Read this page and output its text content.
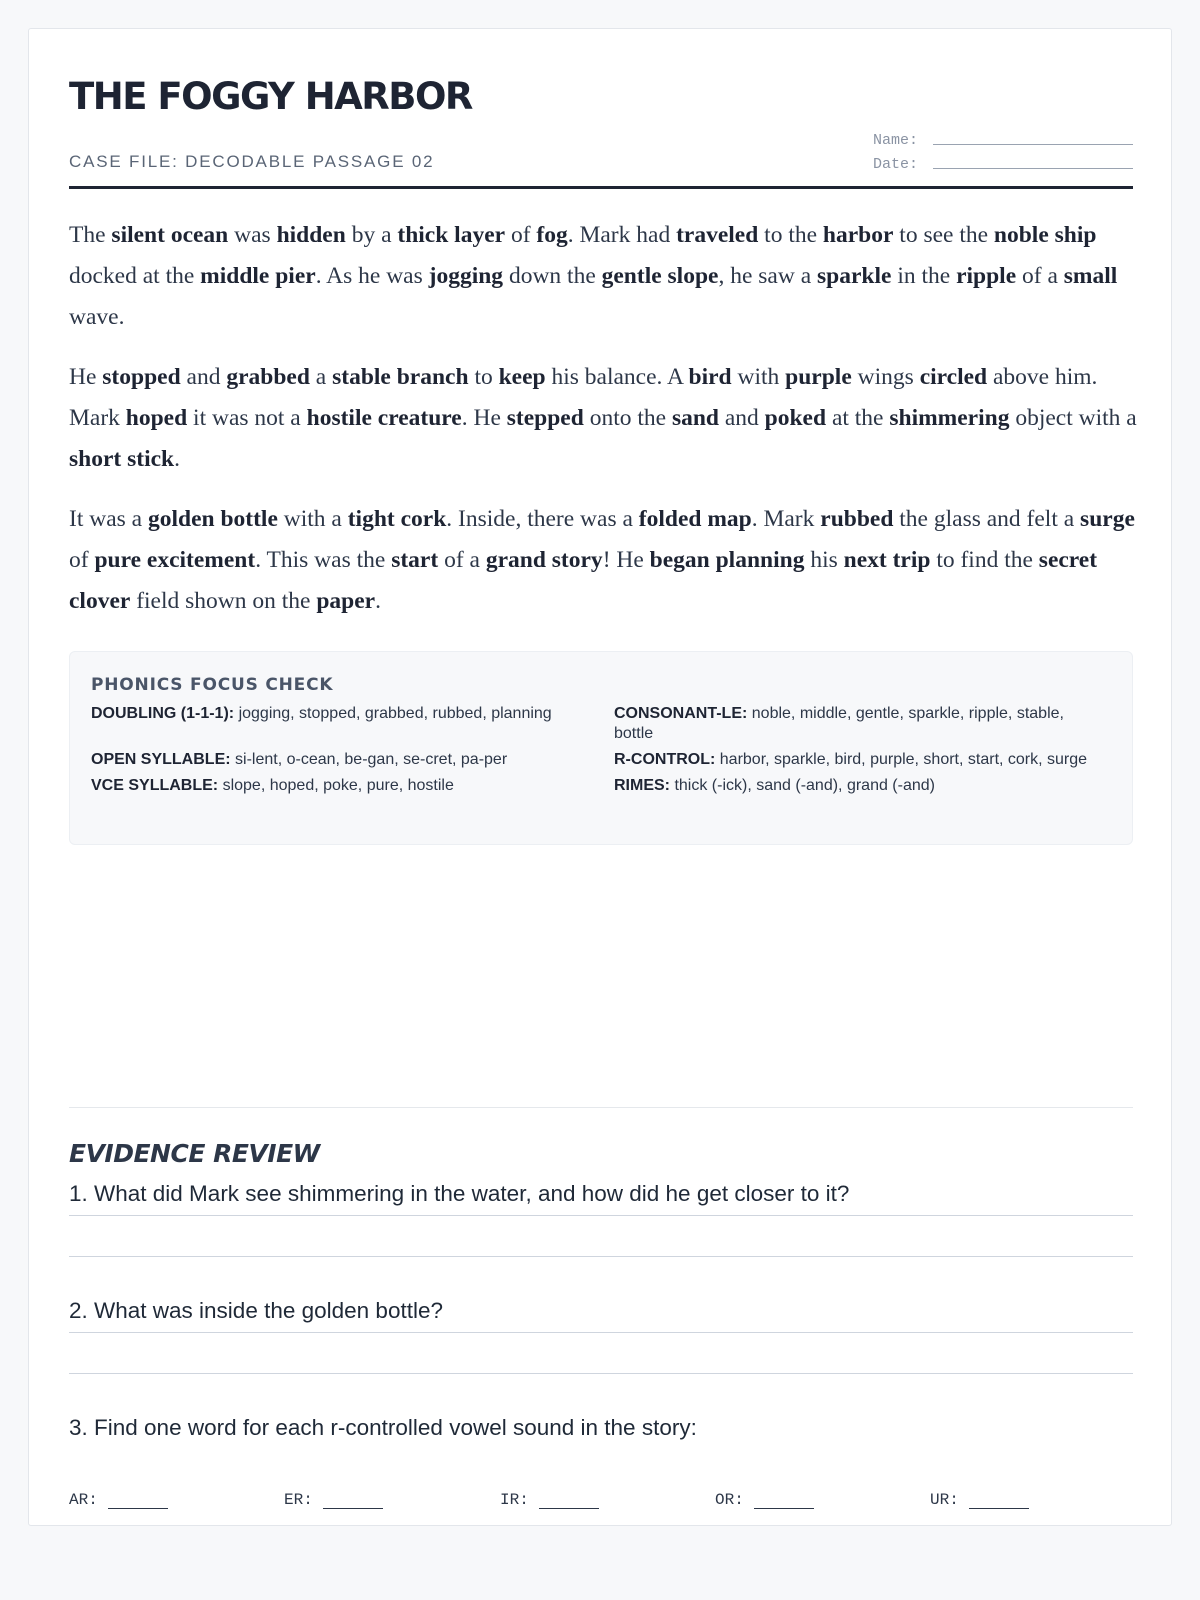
THE FOGGY HARBOR
CASE FILE: DECODABLE PASSAGE 02
Name:
Date:

The silent ocean was hidden by a thick layer of fog. Mark had traveled to the harbor to see the noble ship docked at the middle pier. As he was jogging down the gentle slope, he saw a sparkle in the ripple of a small wave.

He stopped and grabbed a stable branch to keep his balance. A bird with purple wings circled above him. Mark hoped it was not a hostile creature. He stepped onto the sand and poked at the shimmering object with a short stick.

It was a golden bottle with a tight cork. Inside, there was a folded map. Mark rubbed the glass and felt a surge of pure excitement. This was the start of a grand story! He began planning his next trip to find the secret clover field shown on the paper.

PHONICS FOCUS CHECK
DOUBLING (1-1-1): jogging, stopped, grabbed, rubbed, planning	CONSONANT-LE: noble, middle, gentle, sparkle, ripple, stable, bottle
OPEN SYLLABLE: si-lent, o-cean, be-gan, se-cret, pa-per	R-CONTROL: harbor, sparkle, bird, purple, short, start, cork, surge
VCE SYLLABLE: slope, hoped, poke, pure, hostile	RIMES: thick (-ick), sand (-and), grand (-and)
EVIDENCE REVIEW
1. What did Mark see shimmering in the water, and how did he get closer to it?
2. What was inside the golden bottle?
3. Find one word for each r-controlled vowel sound in the story:
AR:	ER:	IR:	OR:	UR:
